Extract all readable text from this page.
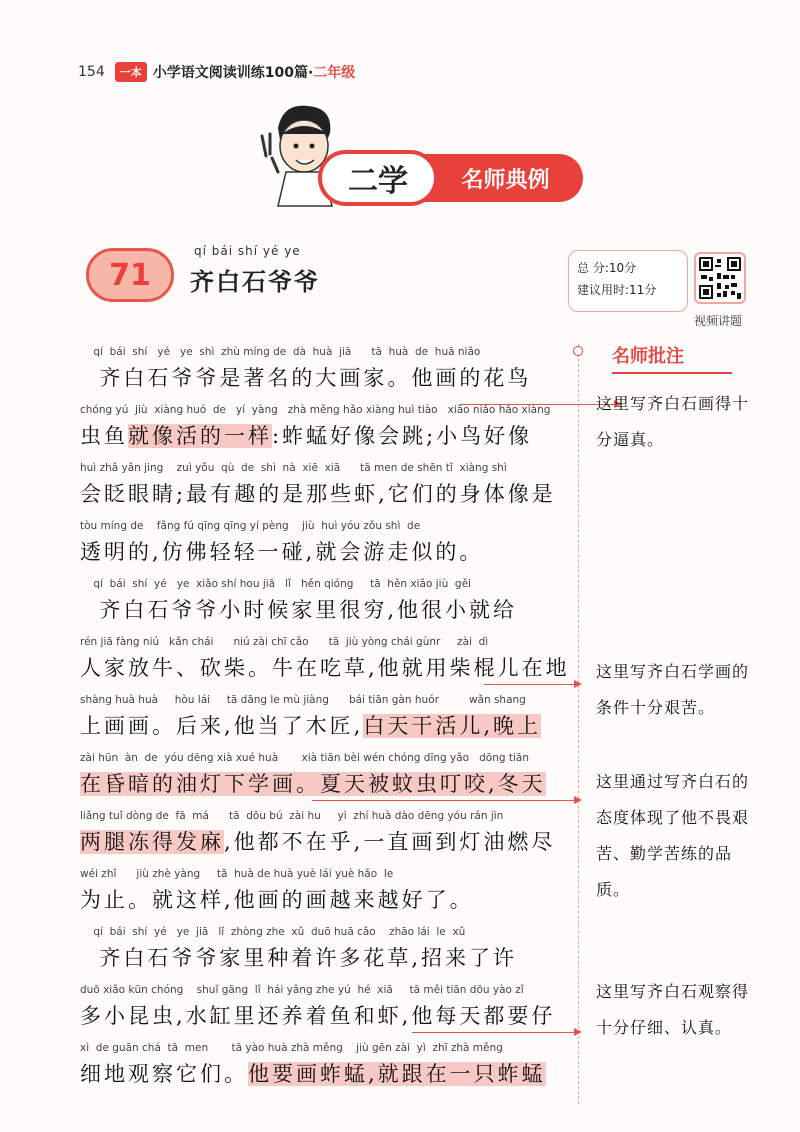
154	一本 小学语文阅读训练100篇· 二年级
二学	名师典例
71
qí bái shí yé ye
齐白石爷爷	总 分:10分
建议用时:11分
视频讲题
名师批注
qí  bái  shí   yé   ye  shì  zhù míng de  dà  huà  jiā      tā  huà  de  huā niǎo
齐白石爷爷是著名的大画家。他画的花鸟
chóng yú  jiù  xiàng huó  de   yí  yàng   zhà měng hǎo xiàng huì tiào   xiǎo niǎo hǎo xiàng
虫鱼就像活的一样:蚱蜢好像会跳;小鸟好像
huì zhǎ yǎn jing    zuì yǒu  qù  de  shì  nà  xiē  xiā      tā men de shēn tǐ  xiàng shì
会眨眼睛;最有趣的是那些虾,它们的身体像是
tòu míng de    fǎng fú qīng qīng yí pèng    jiù  huì yóu zǒu shì  de
透明的,仿佛轻轻一碰,就会游走似的。
qí  bái  shí  yé   ye  xiǎo shí hou jiā   lǐ   hěn qióng     tā  hěn xiǎo jiù  gěi
齐白石爷爷小时候家里很穷,他很小就给
rén jiā fàng niú   kǎn chái      niú zài chī cǎo      tā  jiù yòng chái gùnr     zài  dì
人家放牛、砍柴。牛在吃草,他就用柴棍儿在地
shàng huà huà     hòu lái     tā dāng le mù jiàng      bái tiān gàn huór         wǎn shang
上画画。后来,他当了木匠,白天干活儿,晚上
zài hūn  àn  de  yóu dēng xià xué huà       xià tiān bèi wén chóng dīng yǎo   dōng tiān
在昏暗的油灯下学画。夏天被蚊虫叮咬,冬天
liǎng tuǐ dòng de  fā  má      tā  dōu bú  zài hu     yì  zhí huà dào dēng yóu rán jìn
两腿冻得发麻,他都不在乎,一直画到灯油燃尽
wéi zhǐ      jiù zhè yàng     tā  huà de huà yuè lái yuè hǎo  le
为止。就这样,他画的画越来越好了。
qí  bái  shí  yé   ye  jiā   lǐ  zhòng zhe  xǔ  duō huā cǎo    zhāo lái  le  xǔ
齐白石爷爷家里种着许多花草,招来了许
duō xiǎo kūn chóng    shuǐ gāng  lǐ  hái yǎng zhe yú  hé  xiā     tā měi tiān dōu yào zǐ
多小昆虫,水缸里还养着鱼和虾,他每天都要仔
xì  de guān chá  tā  men       tā yào huà zhà měng    jiù gēn zài  yì  zhī zhà měng
细地观察它们。他要画蚱蜢,就跟在一只蚱蜢
这里写齐白石画得十分逼真。
这里写齐白石学画的条件十分艰苦。
这里通过写齐白石的态度体现了他不畏艰苦、勤学苦练的品质。
这里写齐白石观察得十分仔细、认真。
